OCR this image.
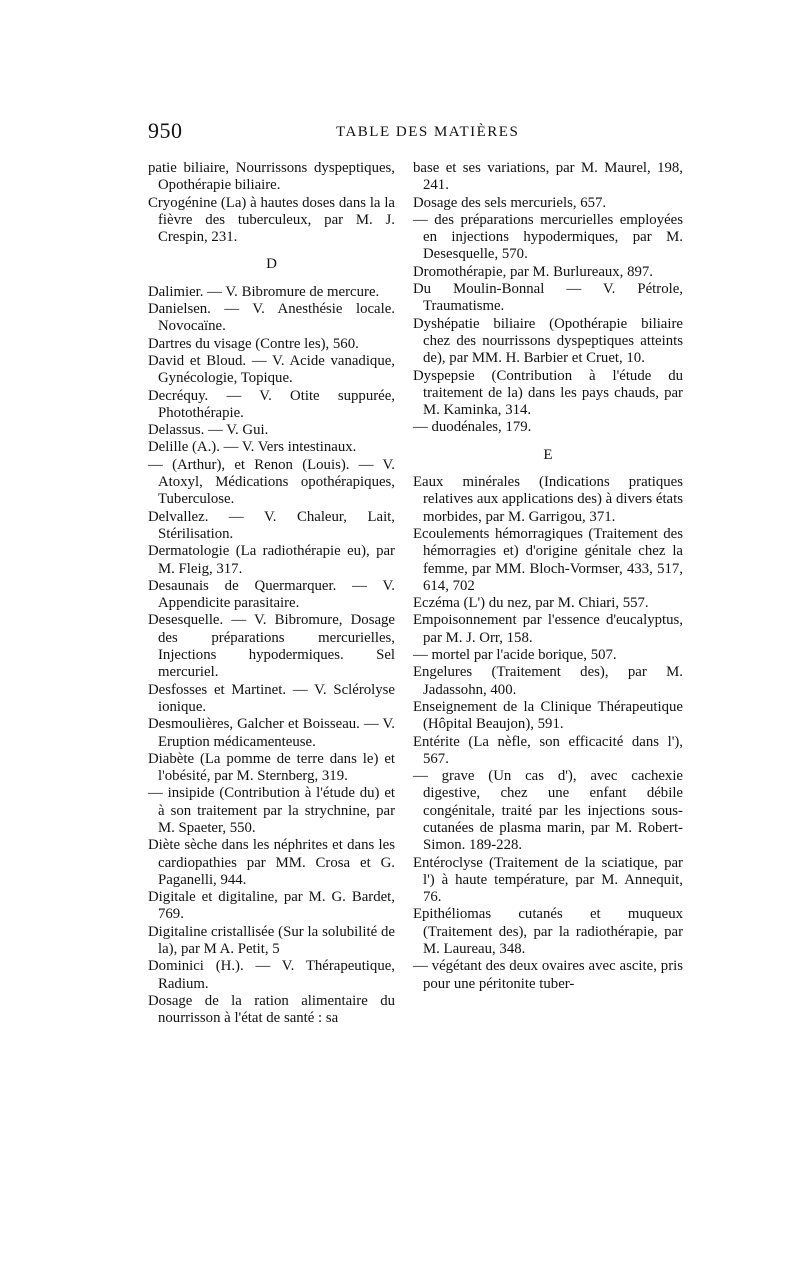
950	TABLE DES MATIÈRES

patie biliaire, Nourrissons dyspeptiques, Opothérapie biliaire.

Cryogénine (La) à hautes doses dans la la fièvre des tuberculeux, par M. J. Crespin, 231.

D

Dalimier. — V. Bibromure de mercure.

Danielsen. — V. Anesthésie locale. Novocaïne.

Dartres du visage (Contre les), 560.

David et Bloud. — V. Acide vanadique, Gynécologie, Topique.

Decréquy. — V. Otite suppurée, Photothérapie.

Delassus. — V. Gui.

Delille (A.). — V. Vers intestinaux.

— (Arthur), et Renon (Louis). — V. Atoxyl, Médications opothérapiques, Tuberculose.

Delvallez. — V. Chaleur, Lait, Stérilisation.

Dermatologie (La radiothérapie eu), par M. Fleig, 317.

Desaunais de Quermarquer. — V. Appendicite parasitaire.

Desesquelle. — V. Bibromure, Dosage des préparations mercurielles, Injections hypodermiques. Sel mercuriel.

Desfosses et Martinet. — V. Sclérolyse ionique.

Desmoulières, Galcher et Boisseau. — V. Eruption médicamenteuse.

Diabète (La pomme de terre dans le) et l'obésité, par M. Sternberg, 319.

— insipide (Contribution à l'étude du) et à son traitement par la strychnine, par M. Spaeter, 550.

Diète sèche dans les néphrites et dans les cardiopathies par MM. Crosa et G. Paganelli, 944.

Digitale et digitaline, par M. G. Bardet, 769.

Digitaline cristallisée (Sur la solubilité de la), par M A. Petit, 5

Dominici (H.). — V. Thérapeutique, Radium.

Dosage de la ration alimentaire du nourrisson à l'état de santé : sa

base et ses variations, par M. Maurel, 198, 241.

Dosage des sels mercuriels, 657.

— des préparations mercurielles employées en injections hypodermiques, par M. Desesquelle, 570.

Dromothérapie, par M. Burlureaux, 897.

Du Moulin-Bonnal — V. Pétrole, Traumatisme.

Dyshépatie biliaire (Opothérapie biliaire chez des nourrissons dyspeptiques atteints de), par MM. H. Barbier et Cruet, 10.

Dyspepsie (Contribution à l'étude du traitement de la) dans les pays chauds, par M. Kaminka, 314.

— duodénales, 179.

E

Eaux minérales (Indications pratiques relatives aux applications des) à divers états morbides, par M. Garrigou, 371.

Ecoulements hémorragiques (Traitement des hémorragies et) d'origine génitale chez la femme, par MM. Bloch-Vormser, 433, 517, 614, 702

Eczéma (L') du nez, par M. Chiari, 557.

Empoisonnement par l'essence d'eucalyptus, par M. J. Orr, 158.

— mortel par l'acide borique, 507.

Engelures (Traitement des), par M. Jadassohn, 400.

Enseignement de la Clinique Thérapeutique (Hôpital Beaujon), 591.

Entérite (La nèfle, son efficacité dans l'), 567.

— grave (Un cas d'), avec cachexie digestive, chez une enfant débile congénitale, traité par les injections sous-cutanées de plasma marin, par M. Robert-Simon. 189-228.

Entéroclyse (Traitement de la sciatique, par l') à haute température, par M. Annequit, 76.

Epithéliomas cutanés et muqueux (Traitement des), par la radiothérapie, par M. Laureau, 348.

— végétant des deux ovaires avec ascite, pris pour une péritonite tuber-
